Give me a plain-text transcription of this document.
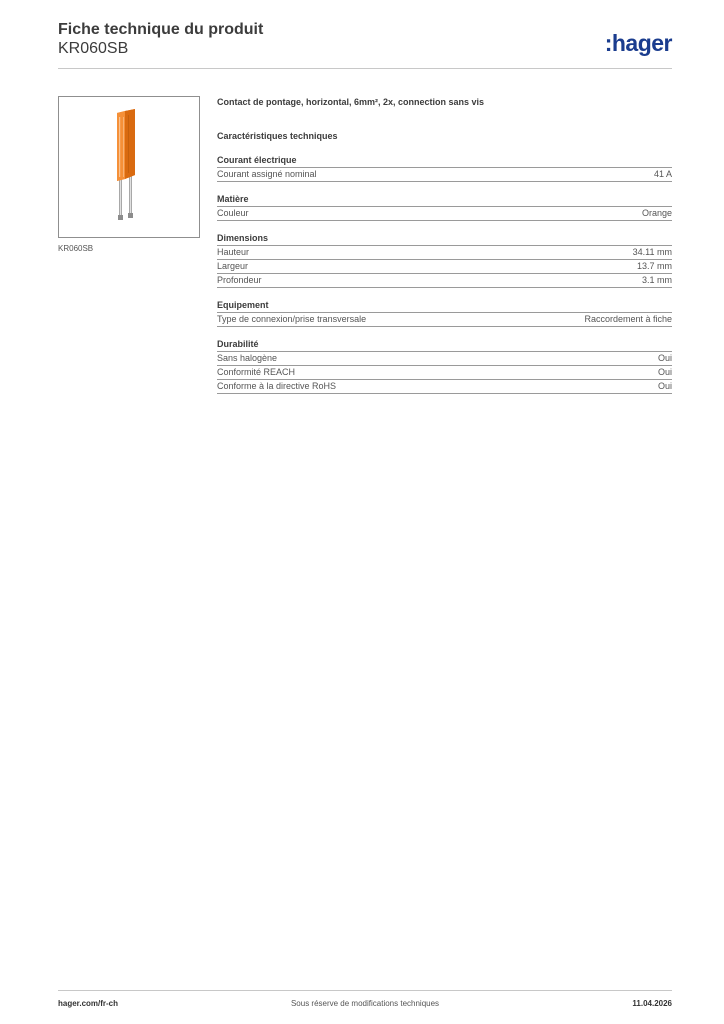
Fiche technique du produit
KR060SB	:hager
KR060SB
Contact de pontage, horizontal, 6mm², 2x, connection sans vis
Caractéristiques techniques
Courant électrique
Courant assigné nominal	41 A
Matière
Couleur	Orange
Dimensions
Hauteur	34.11 mm
Largeur	13.7 mm
Profondeur	3.1 mm
Equipement
Type de connexion/prise transversale	Raccordement à fiche
Durabilité
Sans halogène	Oui
Conformité REACH	Oui
Conforme à la directive RoHS	Oui
hager.com/fr-ch	Sous réserve de modifications techniques	11.04.2026
